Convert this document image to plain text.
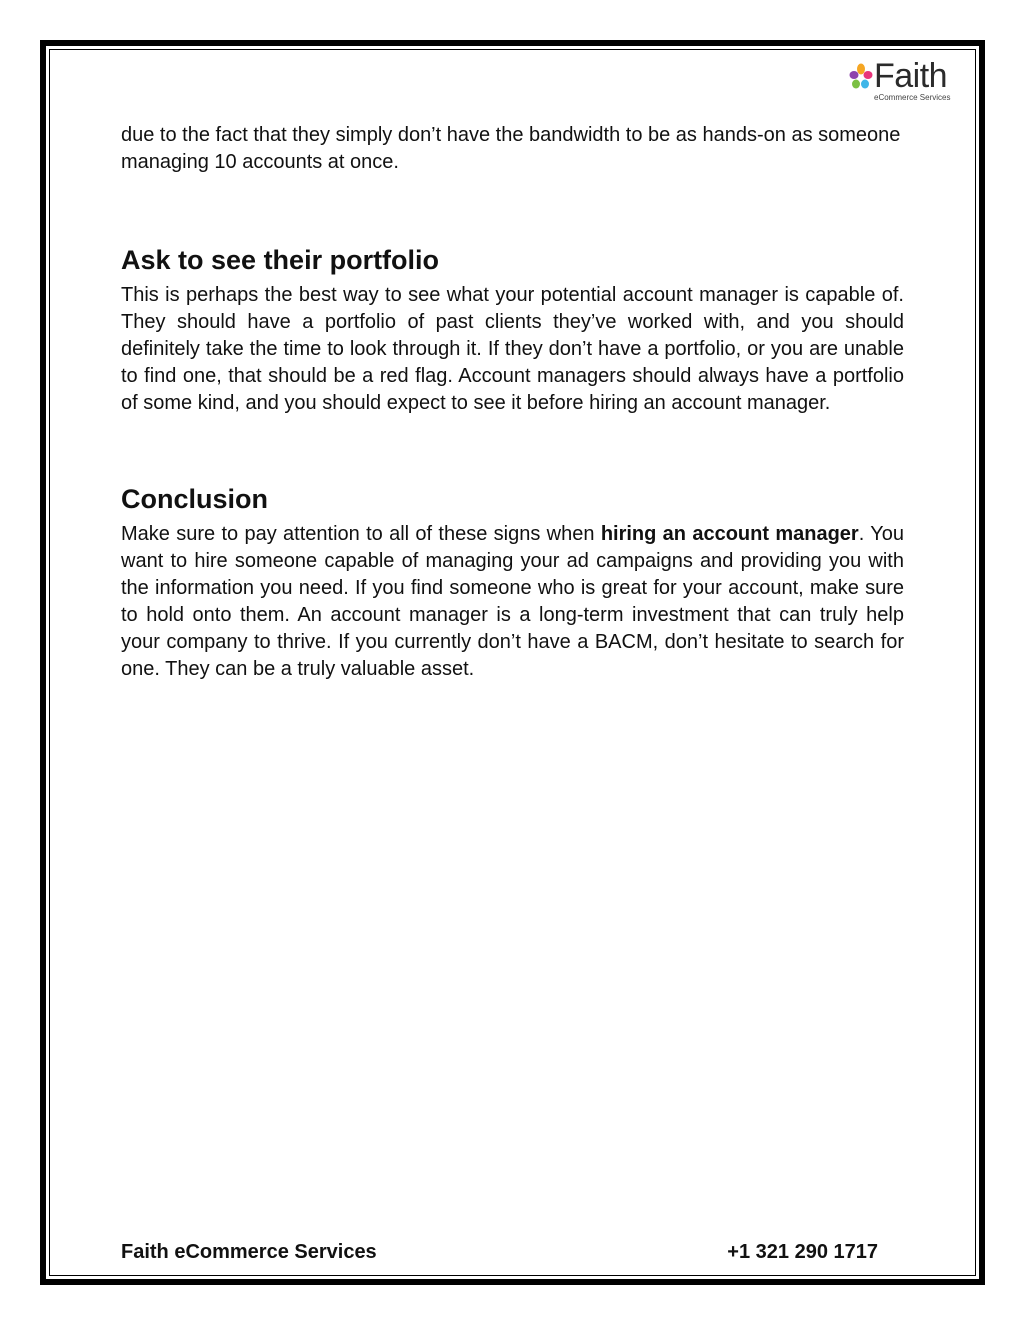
Faith
eCommerce Services

due to the fact that they simply don’t have the bandwidth to be as hands-on as someone managing 10 accounts at once.

Ask to see their portfolio

This is perhaps the best way to see what your potential account manager is capable of. They should have a portfolio of past clients they’ve worked with, and you should definitely take the time to look through it. If they don’t have a portfolio, or you are unable to find one, that should be a red flag. Account managers should always have a portfolio of some kind, and you should expect to see it before hiring an account manager.

Conclusion

Make sure to pay attention to all of these signs when hiring an account manager. You want to hire someone capable of managing your ad campaigns and providing you with the information you need. If you find someone who is great for your account, make sure to hold onto them. An account manager is a long-term investment that can truly help your company to thrive. If you currently don’t have a BACM, don’t hesitate to search for one. They can be a truly valuable asset.

Faith eCommerce Services	+1 321 290 1717
